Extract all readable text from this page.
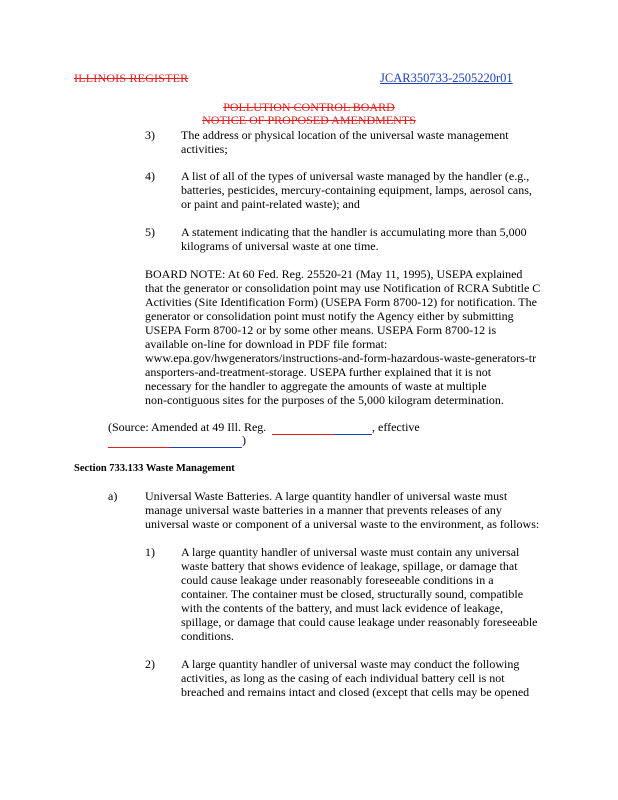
ILLINOIS REGISTER	JCAR350733-2505220r01
POLLUTION CONTROL BOARD
NOTICE OF PROPOSED AMENDMENTS
3)	The address or physical location of the universal waste management
activities;
4)	A list of all of the types of universal waste managed by the handler (e.g.,
batteries, pesticides, mercury-containing equipment, lamps, aerosol cans,
or paint and paint-related waste); and
5)	A statement indicating that the handler is accumulating more than 5,000
kilograms of universal waste at one time.
BOARD NOTE: At 60 Fed. Reg. 25520-21 (May 11, 1995), USEPA explained
that the generator or consolidation point may use Notification of RCRA Subtitle C
Activities (Site Identification Form) (USEPA Form 8700-12) for notification. The
generator or consolidation point must notify the Agency either by submitting
USEPA Form 8700-12 or by some other means. USEPA Form 8700-12 is
available on-line for download in PDF file format:
www.epa.gov/hwgenerators/instructions-and-form-hazardous-waste-generators-tr
ansporters-and-treatment-storage. USEPA further explained that it is not
necessary for the handler to aggregate the amounts of waste at multiple
non-contiguous sites for the purposes of the 5,000 kilogram determination.
(Source: Amended at 49 Ill. Reg.	, effective
)
Section 733.133 Waste Management
a)	Universal Waste Batteries. A large quantity handler of universal waste must
manage universal waste batteries in a manner that prevents releases of any
universal waste or component of a universal waste to the environment, as follows:
1)	A large quantity handler of universal waste must contain any universal
waste battery that shows evidence of leakage, spillage, or damage that
could cause leakage under reasonably foreseeable conditions in a
container. The container must be closed, structurally sound, compatible
with the contents of the battery, and must lack evidence of leakage,
spillage, or damage that could cause leakage under reasonably foreseeable
conditions.
2)	A large quantity handler of universal waste may conduct the following
activities, as long as the casing of each individual battery cell is not
breached and remains intact and closed (except that cells may be opened
